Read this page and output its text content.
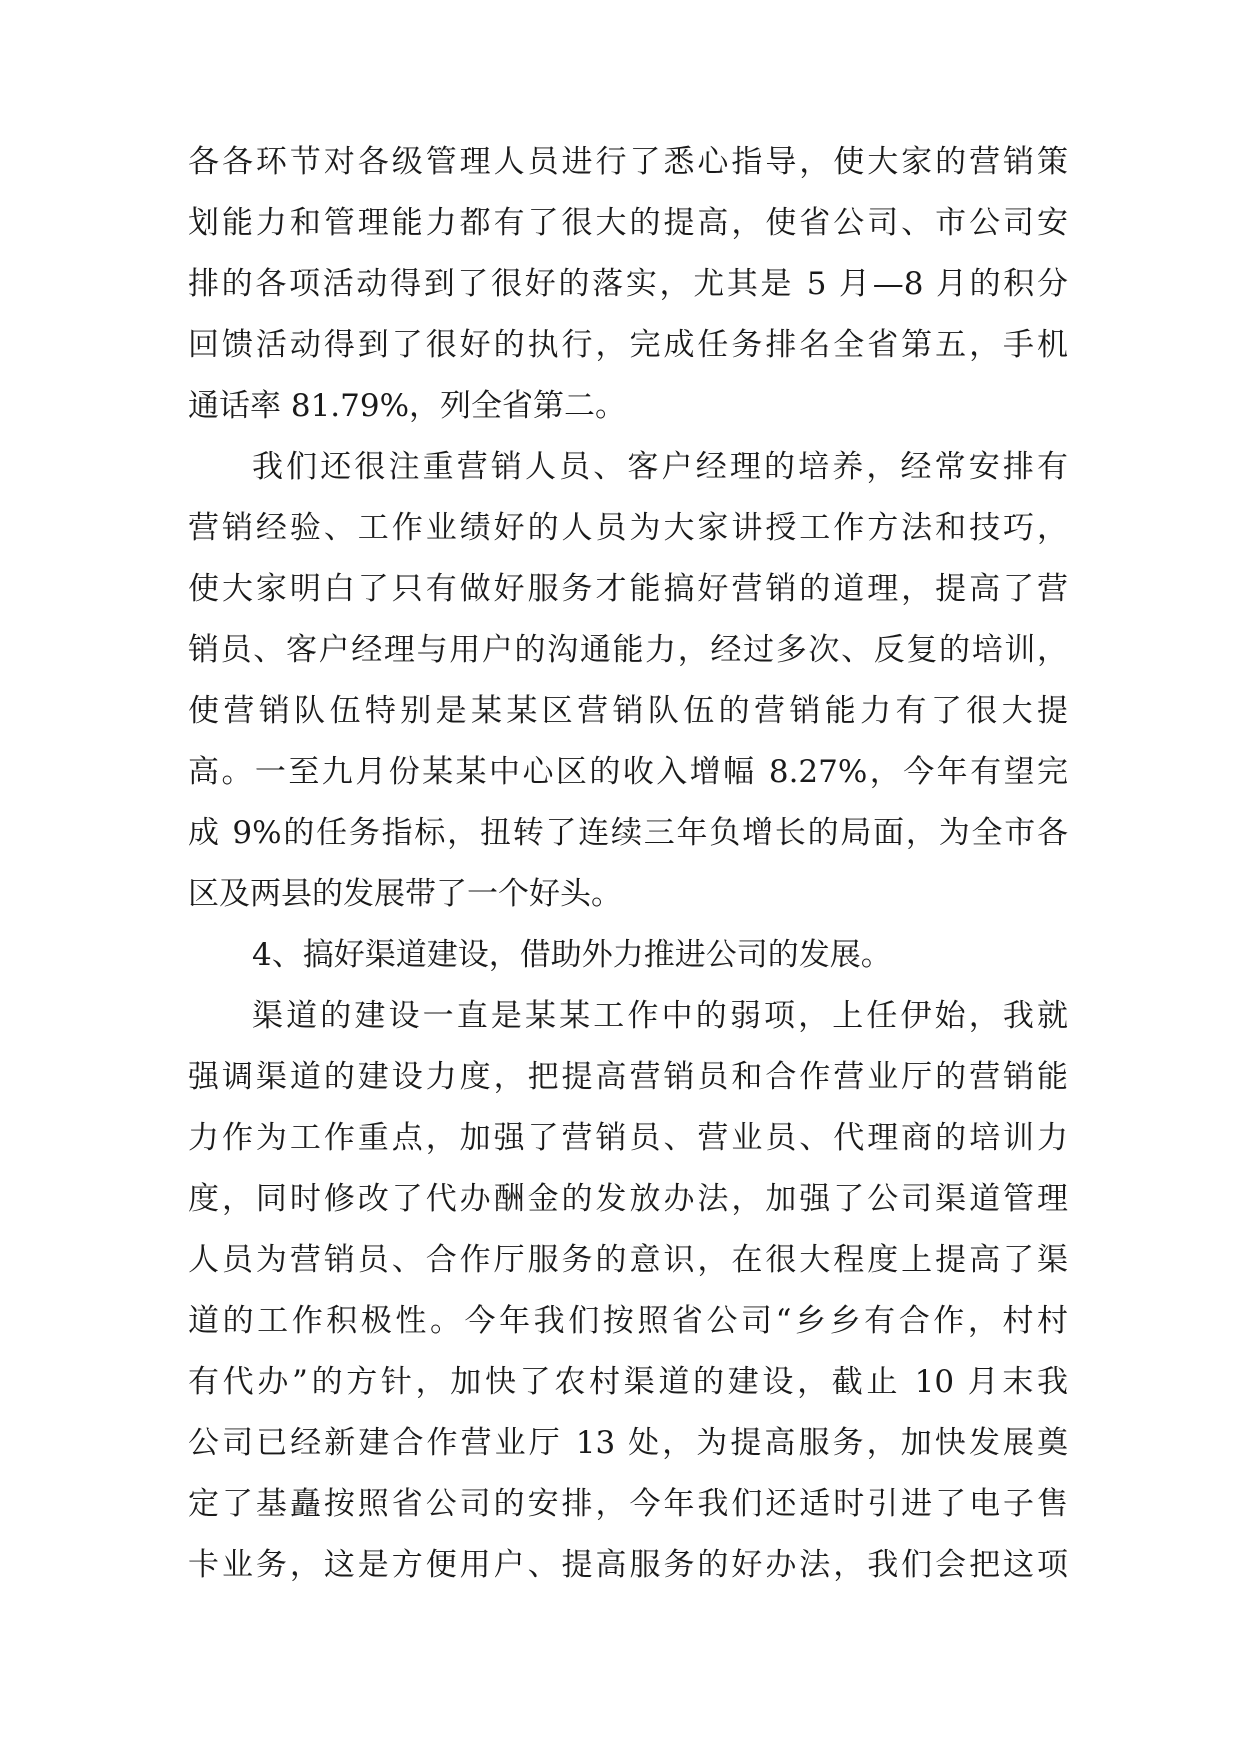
各各环节对各级管理人员进行了悉心指导，使大家的营销策
划能力和管理能力都有了很大的提高，使省公司、市公司安
排的各项活动得到了很好的落实，尤其是 5 月—8 月的积分
回馈活动得到了很好的执行，完成任务排名全省第五，手机
通话率 81.79%，列全省第二。
我们还很注重营销人员、客户经理的培养，经常安排有
营销经验、工作业绩好的人员为大家讲授工作方法和技巧，
使大家明白了只有做好服务才能搞好营销的道理，提高了营
销员、客户经理与用户的沟通能力，经过多次、反复的培训，
使营销队伍特别是某某区营销队伍的营销能力有了很大提
高。一至九月份某某中心区的收入增幅 8.27%，今年有望完
成 9%的任务指标，扭转了连续三年负增长的局面，为全市各
区及两县的发展带了一个好头。
4、搞好渠道建设，借助外力推进公司的发展。
渠道的建设一直是某某工作中的弱项，上任伊始，我就
强调渠道的建设力度，把提高营销员和合作营业厅的营销能
力作为工作重点，加强了营销员、营业员、代理商的培训力
度，同时修改了代办酬金的发放办法，加强了公司渠道管理
人员为营销员、合作厅服务的意识，在很大程度上提高了渠
道的工作积极性。今年我们按照省公司“乡乡有合作，村村
有代办”的方针，加快了农村渠道的建设，截止 10 月末我
公司已经新建合作营业厅 13 处，为提高服务，加快发展奠
定了基矗按照省公司的安排，今年我们还适时引进了电子售
卡业务，这是方便用户、提高服务的好办法，我们会把这项
